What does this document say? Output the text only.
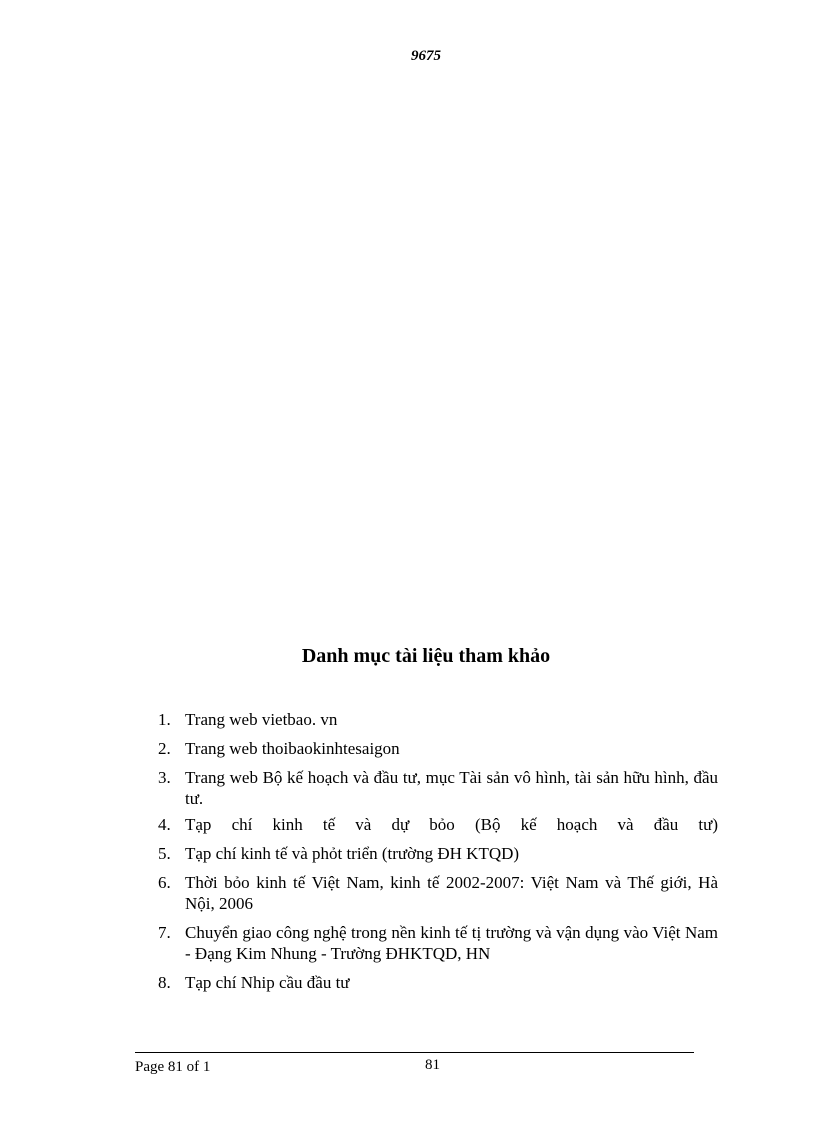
9675
Danh mục tài liệu tham khảo
1. Trang web vietbao. vn
2. Trang web thoibaokinhtesaigon
3. Trang web Bộ kế hoạch và đầu tư, mục Tài sản vô hình, tài sản hữu hình, đầu tư.
4. Tạp chí kinh tế và dự bỏo (Bộ kế hoạch và đầu tư)
5. Tạp chí kinh tế và phỏt triển (trường ĐH KTQD)
6. Thời bỏo kinh tế Việt Nam, kinh tế 2002-2007: Việt Nam và Thế giới, Hà Nội, 2006
7. Chuyển giao công nghệ trong nền kinh tế tị trường và vận dụng vào Việt Nam - Đạng Kim Nhung - Trường ĐHKTQD, HN
8. Tạp chí Nhip cầu đầu tư
Page 81 of 1	81
